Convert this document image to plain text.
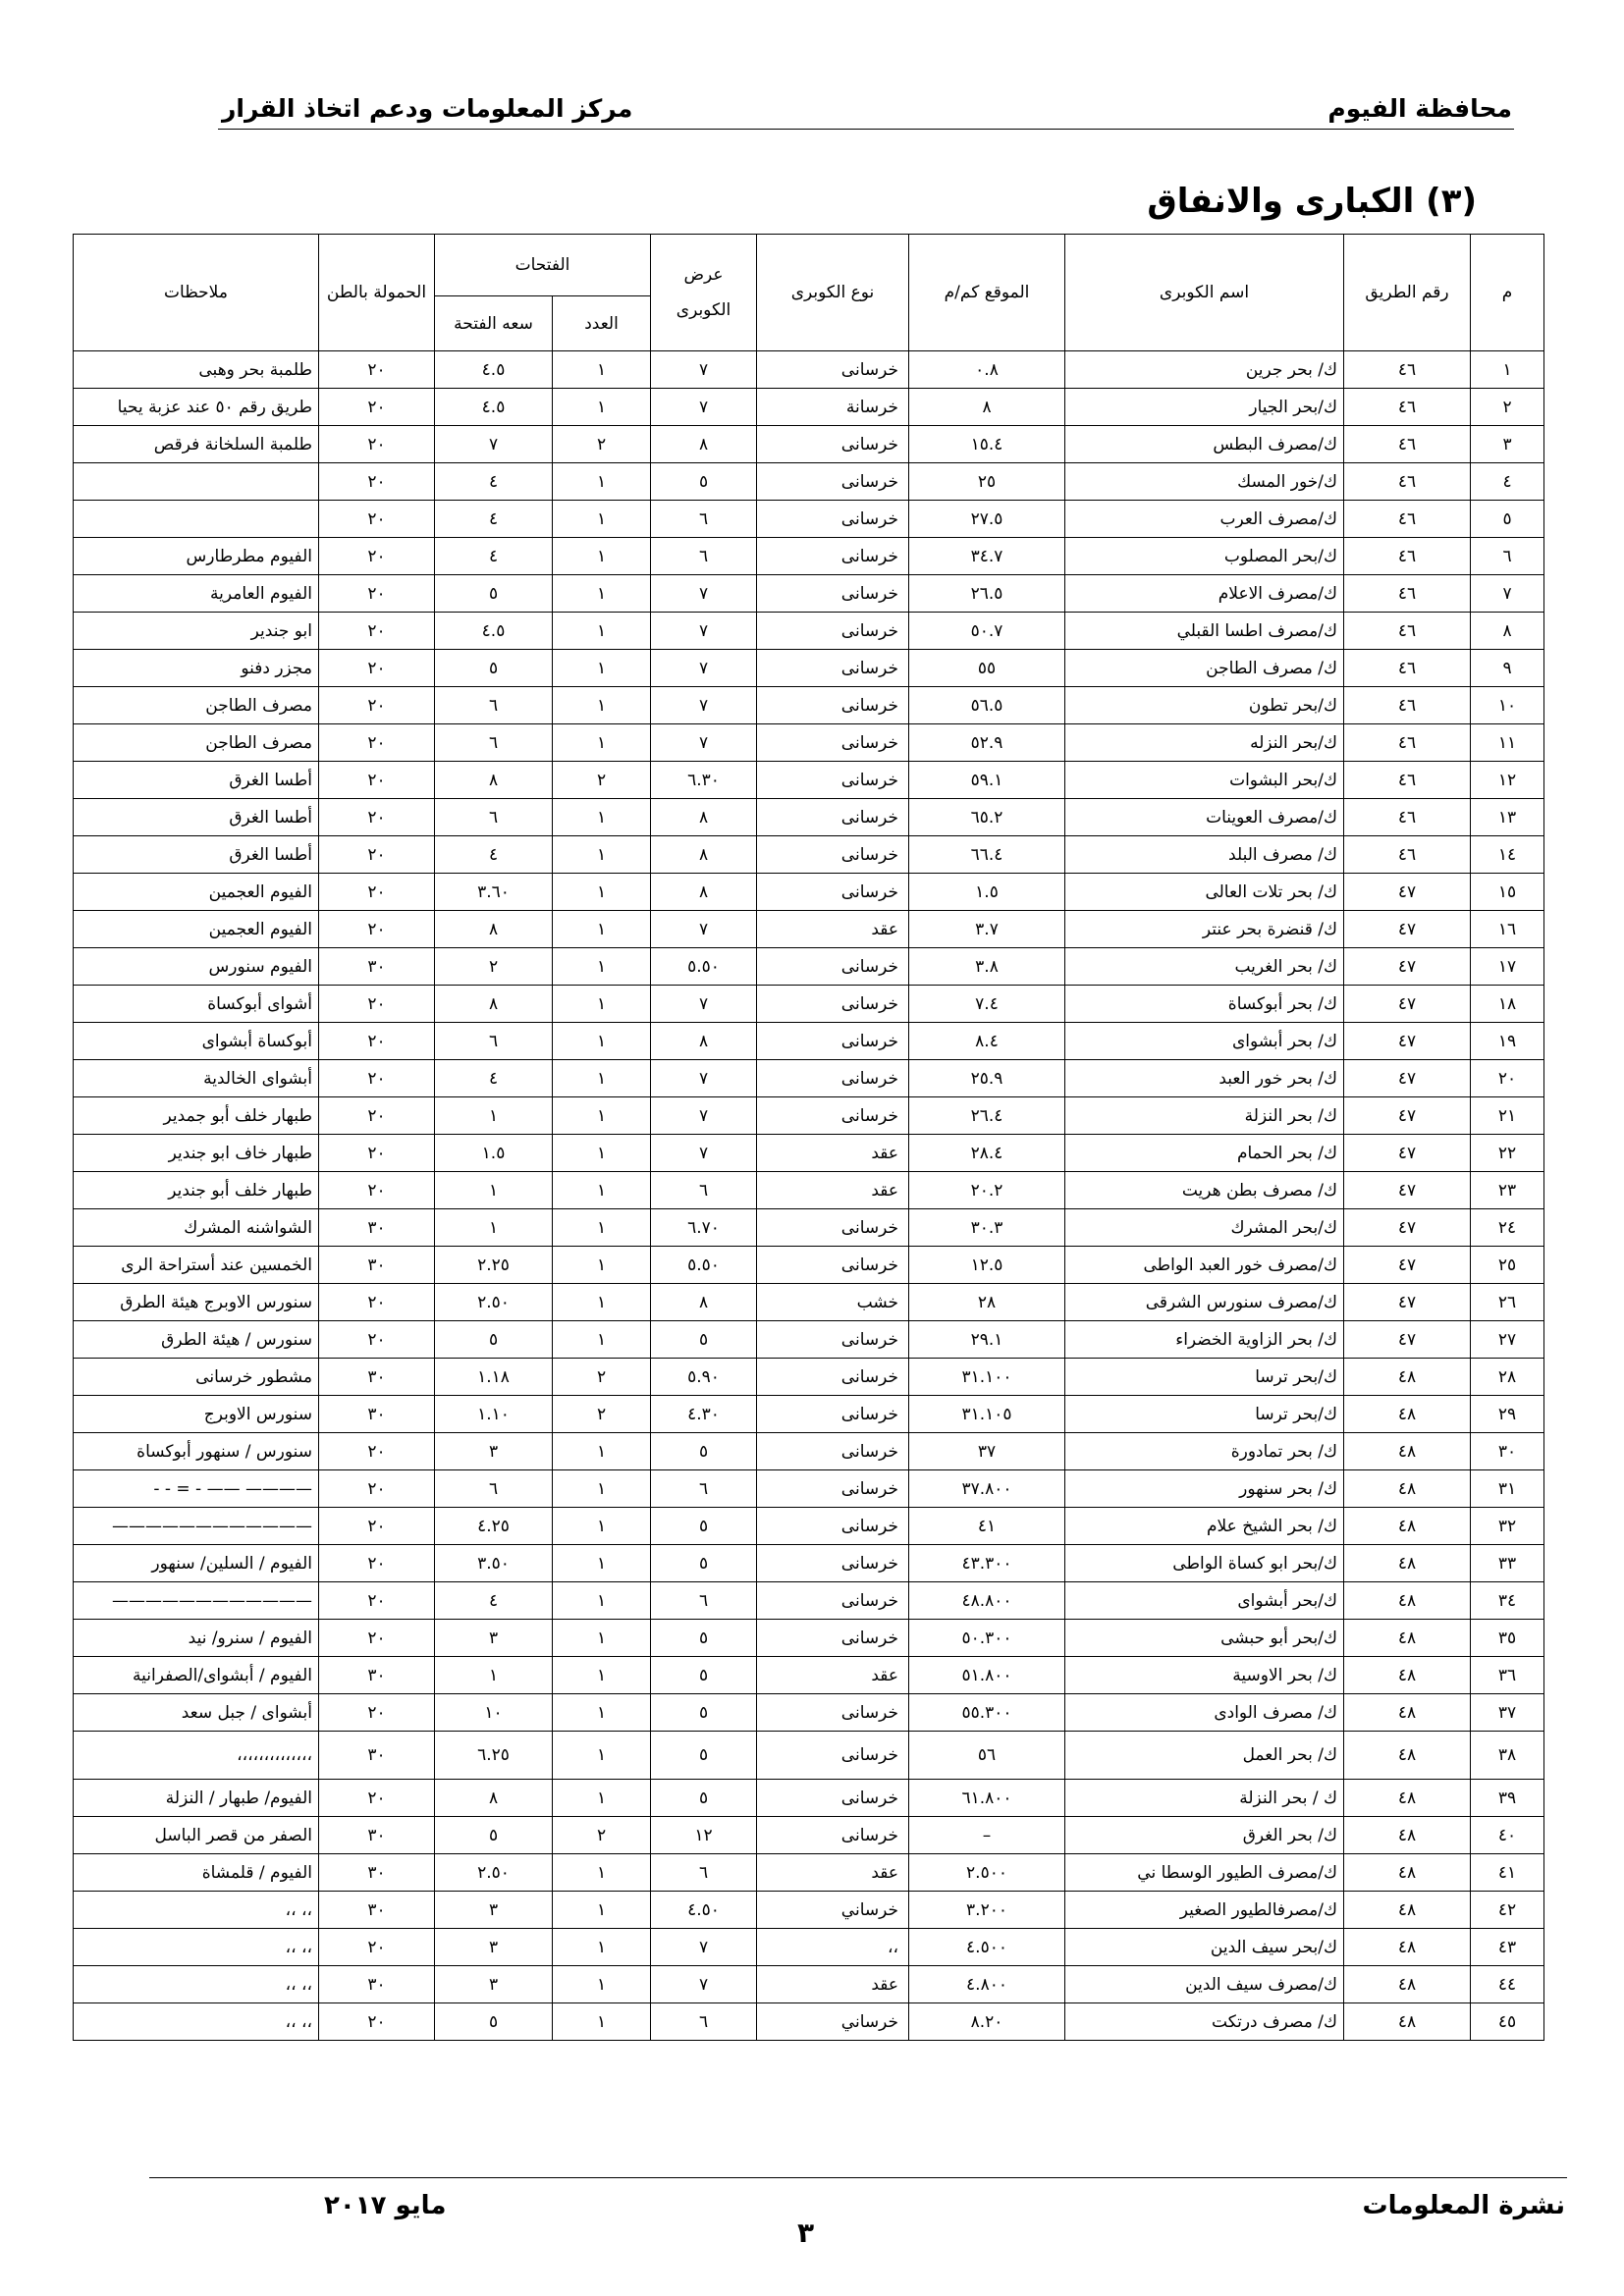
محافظة الفيوم
مركز المعلومات ودعم اتخاذ القرار
(٣) الكبارى والانفاق
م	رقم الطريق	اسم الكوبرى	الموقع كم/م	نوع الكوبرى	عرض الكوبرى	الفتحات		الحمولة بالطن	ملاحظات
						العدد	سعه الفتحة		
١	٤٦	ك/ بحر جرين	٠.٨	خرسانى	٧	١	٤.٥	٢٠	طلمبة بحر وهبى
٢	٤٦	ك/بحر الجيار	٨	خرسانة	٧	١	٤.٥	٢٠	طريق رقم ٥٠ عند عزبة يحيا
٣	٤٦	ك/مصرف البطس	١٥.٤	خرسانى	٨	٢	٧	٢٠	طلمبة السلخانة فرقص
٤	٤٦	ك/خور المسك	٢٥	خرسانى	٥	١	٤	٢٠	
٥	٤٦	ك/مصرف العرب	٢٧.٥	خرسانى	٦	١	٤	٢٠	
٦	٤٦	ك/بحر المصلوب	٣٤.٧	خرسانى	٦	١	٤	٢٠	الفيوم مطرطارس
٧	٤٦	ك/مصرف الاعلام	٢٦.٥	خرسانى	٧	١	٥	٢٠	الفيوم العامرية
٨	٤٦	ك/مصرف اطسا القبلي	٥٠.٧	خرسانى	٧	١	٤.٥	٢٠	ابو جندير
٩	٤٦	ك/ مصرف الطاجن	٥٥	خرسانى	٧	١	٥	٢٠	مجزر دفنو
١٠	٤٦	ك/بحر تطون	٥٦.٥	خرسانى	٧	١	٦	٢٠	مصرف الطاجن
١١	٤٦	ك/بحر النزله	٥٢.٩	خرسانى	٧	١	٦	٢٠	مصرف الطاجن
١٢	٤٦	ك/بحر البشوات	٥٩.١	خرسانى	٦.٣٠	٢	٨	٢٠	أطسا الغرق
١٣	٤٦	ك/مصرف العوينات	٦٥.٢	خرسانى	٨	١	٦	٢٠	أطسا الغرق
١٤	٤٦	ك/ مصرف البلد	٦٦.٤	خرسانى	٨	١	٤	٢٠	أطسا الغرق
١٥	٤٧	ك/ بحر تلات العالى	١.٥	خرسانى	٨	١	٣.٦٠	٢٠	الفيوم العجمين
١٦	٤٧	ك/ قنضرة بحر عنتر	٣.٧	عقد	٧	١	٨	٢٠	الفيوم العجمين
١٧	٤٧	ك/ بحر الغريب	٣.٨	خرسانى	٥.٥٠	١	٢	٣٠	الفيوم سنورس
١٨	٤٧	ك/ بحر أبوكساة	٧.٤	خرسانى	٧	١	٨	٢٠	أشواى أبوكساة
١٩	٤٧	ك/ بحر أبشواى	٨.٤	خرسانى	٨	١	٦	٢٠	أبوكساة أبشواى
٢٠	٤٧	ك/ بحر خور العبد	٢٥.٩	خرسانى	٧	١	٤	٢٠	أبشواى الخالدية
٢١	٤٧	ك/ بحر النزلة	٢٦.٤	خرسانى	٧	١	١	٢٠	طبهار خلف أبو جمدير
٢٢	٤٧	ك/ بحر الحمام	٢٨.٤	عقد	٧	١	١.٥	٢٠	طبهار خاف ابو جندير
٢٣	٤٧	ك/ مصرف بطن هريت	٢٠.٢	عقد	٦	١	١	٢٠	طبهار خلف أبو جندير
٢٤	٤٧	ك/بحر المشرك	٣٠.٣	خرسانى	٦.٧٠	١	١	٣٠	الشواشنه المشرك
٢٥	٤٧	ك/مصرف خور العبد الواطى	١٢.٥	خرسانى	٥.٥٠	١	٢.٢٥	٣٠	الخمسين عند أستراحة الرى
٢٦	٤٧	ك/مصرف سنورس الشرقى	٢٨	خشب	٨	١	٢.٥٠	٢٠	سنورس الاوبرج هيئة الطرق
٢٧	٤٧	ك/ بحر الزاوية الخضراء	٢٩.١	خرسانى	٥	١	٥	٢٠	سنورس / هيئة الطرق
٢٨	٤٨	ك/بحر ترسا	٣١.١٠٠	خرسانى	٥.٩٠	٢	١.١٨	٣٠	مشطور خرسانى
٢٩	٤٨	ك/بحر ترسا	٣١.١٠٥	خرسانى	٤.٣٠	٢	١.١٠	٣٠	سنورس الاوبرج
٣٠	٤٨	ك/ بحر تمادورة	٣٧	خرسانى	٥	١	٣	٢٠	سنورس / سنهور أبوكساة
٣١	٤٨	ك/ بحر سنهور	٣٧.٨٠٠	خرسانى	٦	١	٦	٢٠	———— —— - = - -
٣٢	٤٨	ك/ بحر الشيخ علام	٤١	خرسانى	٥	١	٤.٢٥	٢٠	————————————
٣٣	٤٨	ك/بحر ابو كساة الواطى	٤٣.٣٠٠	خرسانى	٥	١	٣.٥٠	٢٠	الفيوم / السلين/ سنهور
٣٤	٤٨	ك/بحر أبشواى	٤٨.٨٠٠	خرسانى	٦	١	٤	٢٠	————————————
٣٥	٤٨	ك/بحر أبو حبشى	٥٠.٣٠٠	خرسانى	٥	١	٣	٢٠	الفيوم / سنرو/ نيد
٣٦	٤٨	ك/ بحر الاوسية	٥١.٨٠٠	عقد	٥	١	١	٣٠	الفيوم / أبشواى/الصفرانية
٣٧	٤٨	ك/ مصرف الوادى	٥٥.٣٠٠	خرسانى	٥	١	١٠	٢٠	أبشواى / جبل سعد
٣٨	٤٨	ك/ بحر العمل	٥٦	خرسانى	٥	١	٦.٢٥	٣٠	،،،،،،،،،،،،،،
٣٩	٤٨	ك / بحر النزلة	٦١.٨٠٠	خرسانى	٥	١	٨	٢٠	الفيوم/ طبهار / النزلة
٤٠	٤٨	ك/ بحر الغرق	–	خرسانى	١٢	٢	٥	٣٠	الصفر من قصر الباسل
٤١	٤٨	ك/مصرف الطيور الوسطا ني	٢.٥٠٠	عقد	٦	١	٢.٥٠	٣٠	الفيوم / قلمشاة
٤٢	٤٨	ك/مصرفالطيور الصغير	٣.٢٠٠	خرساني	٤.٥٠	١	٣	٣٠	،، ،،
٤٣	٤٨	ك/بحر سيف الدين	٤.٥٠٠	،،	٧	١	٣	٢٠	،، ،،
٤٤	٤٨	ك/مصرف سيف الدين	٤.٨٠٠	عقد	٧	١	٣	٣٠	،، ،،
٤٥	٤٨	ك/ مصرف درتكت	٨.٢٠	خرساني	٦	١	٥	٢٠	،، ،،
نشرة المعلومات
مايو ٢٠١٧
٣
